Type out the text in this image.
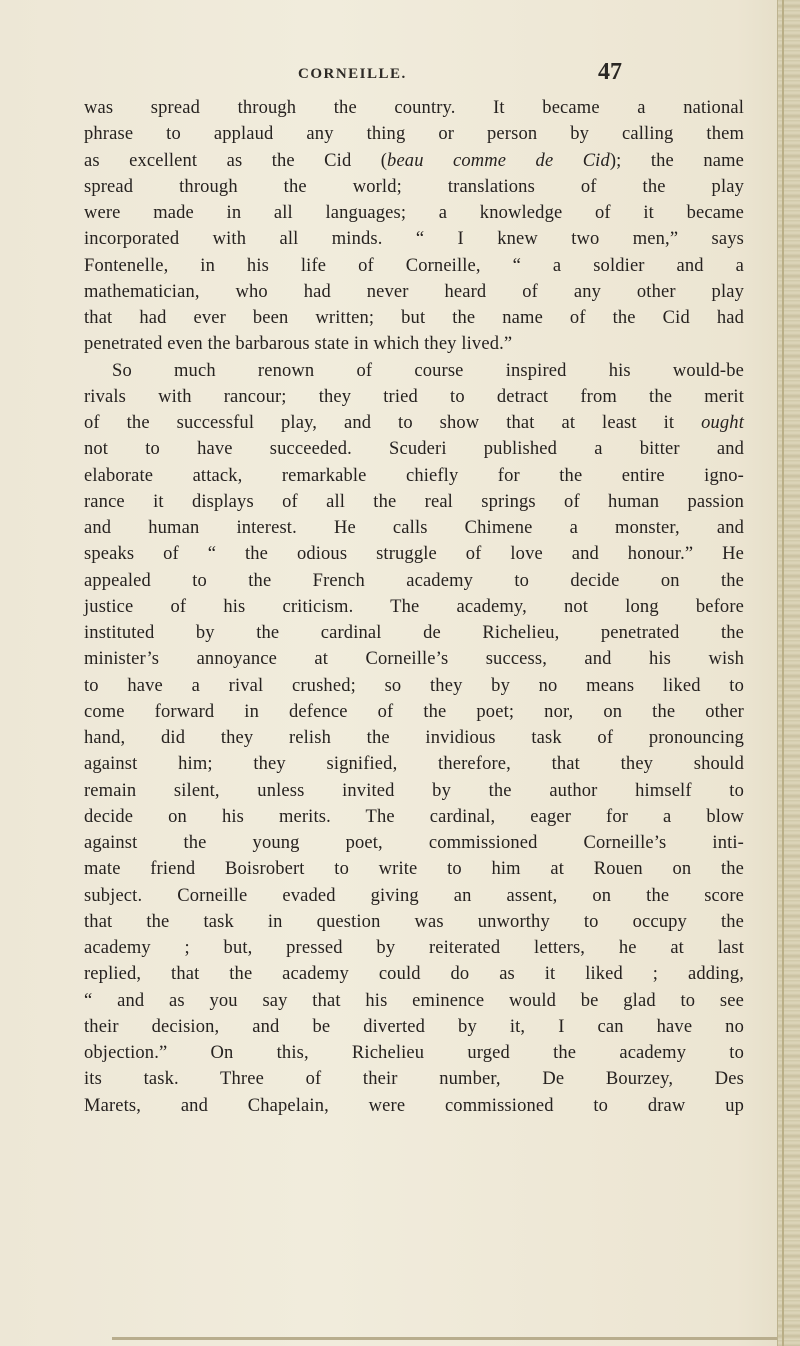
CORNEILLE.	47
was spread through the country. It became a national
phrase to applaud any thing or person by calling them
as excellent as the Cid (beau comme de Cid); the name
spread through the world; translations of the play
were made in all languages; a knowledge of it became
incorporated with all minds. “ I knew two men,” says
Fontenelle, in his life of Corneille, “ a soldier and a
mathematician, who had never heard of any other play
that had ever been written; but the name of the Cid had
penetrated even the barbarous state in which they lived.”
So much renown of course inspired his would-be
rivals with rancour; they tried to detract from the merit
of the successful play, and to show that at least it ought
not to have succeeded. Scuderi published a bitter and
elaborate attack, remarkable chiefly for the entire igno-
rance it displays of all the real springs of human passion
and human interest. He calls Chimene a monster, and
speaks of “ the odious struggle of love and honour.” He
appealed to the French academy to decide on the
justice of his criticism. The academy, not long before
instituted by the cardinal de Richelieu, penetrated the
minister’s annoyance at Corneille’s success, and his wish
to have a rival crushed; so they by no means liked to
come forward in defence of the poet; nor, on the other
hand, did they relish the invidious task of pronouncing
against him; they signified, therefore, that they should
remain silent, unless invited by the author himself to
decide on his merits. The cardinal, eager for a blow
against the young poet, commissioned Corneille’s inti-
mate friend Boisrobert to write to him at Rouen on the
subject. Corneille evaded giving an assent, on the score
that the task in question was unworthy to occupy the
academy ; but, pressed by reiterated letters, he at last
replied, that the academy could do as it liked ; adding,
“ and as you say that his eminence would be glad to see
their decision, and be diverted by it, I can have no
objection.” On this, Richelieu urged the academy to
its task. Three of their number, De Bourzey, Des
Marets, and Chapelain, were commissioned to draw up
